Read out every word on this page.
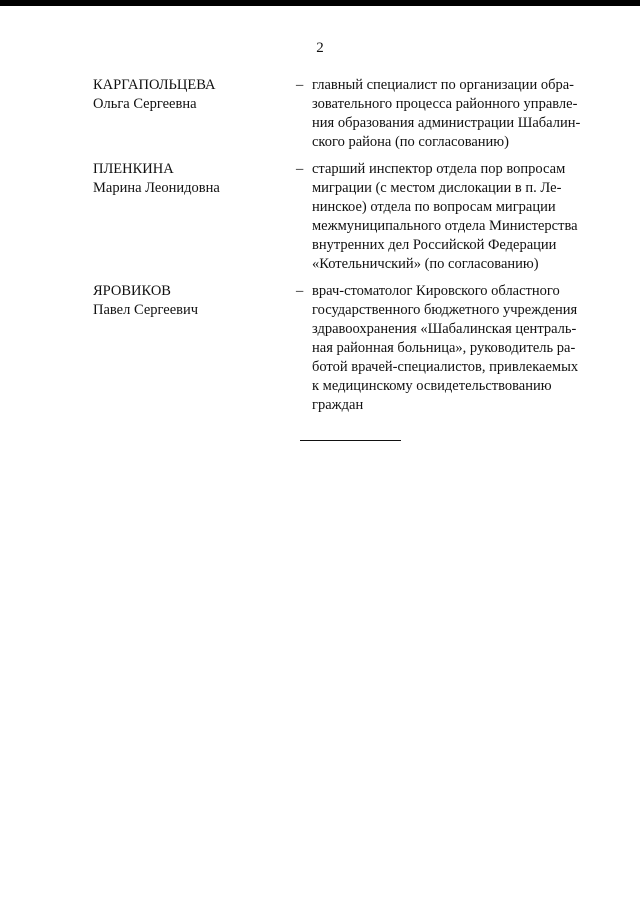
2
КАРГАПОЛЬЦЕВА
Ольга Сергеевна
– главный специалист по организации обра-
зовательного процесса районного управле-
ния образования администрации Шабалин-
ского района (по согласованию)
ПЛЕНКИНА
Марина Леонидовна
– старший инспектор отдела пор вопросам
миграции (с местом дислокации в п. Ле-
нинское) отдела по вопросам миграции
межмуниципального отдела Министерства
внутренних дел Российской Федерации
«Котельничский» (по согласованию)
ЯРОВИКОВ
Павел Сергеевич
– врач-стоматолог Кировского областного
государственного бюджетного учреждения
здравоохранения «Шабалинская централь-
ная районная больница», руководитель ра-
ботой врачей-специалистов, привлекаемых
к медицинскому освидетельствованию
граждан
